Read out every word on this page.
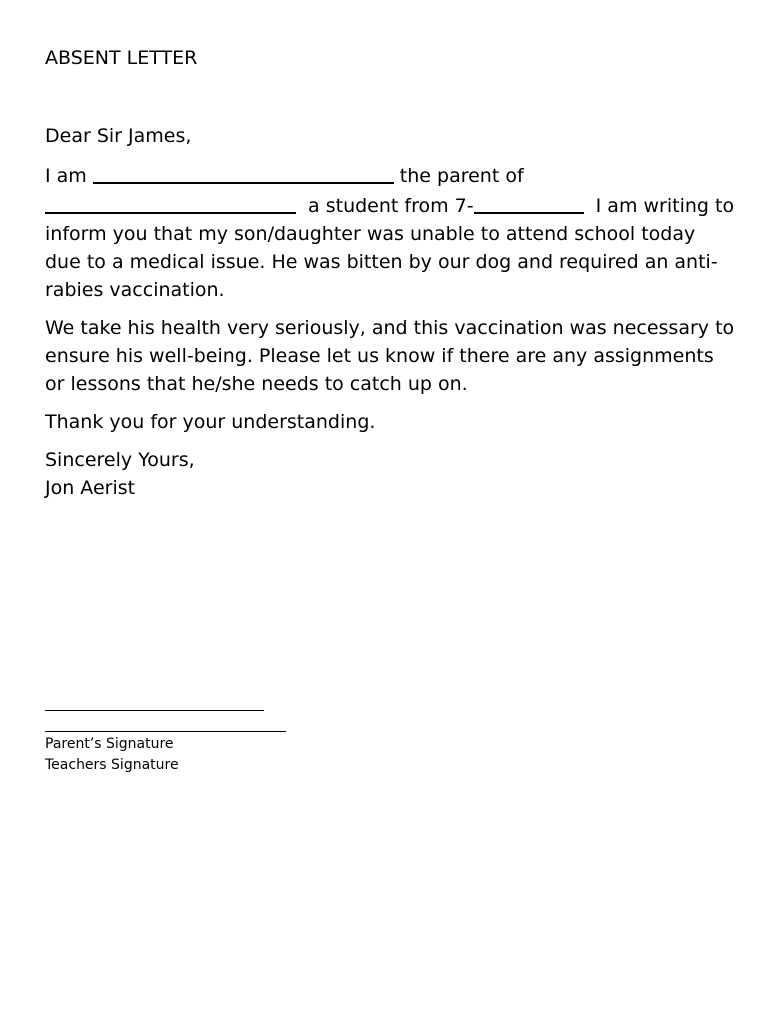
ABSENT LETTER

Dear Sir James,

I am	the parent of a student from 7-	I am writing to inform you that my son/daughter was unable to attend school today due to a medical issue. He was bitten by our dog and required an anti-rabies vaccination.

We take his health very seriously, and this vaccination was necessary to ensure his well-being. Please let us know if there are any assignments or lessons that he/she needs to catch up on.

Thank you for your understanding.

Sincerely Yours,
Jon Aerist

Parent’s Signature
Teachers Signature
